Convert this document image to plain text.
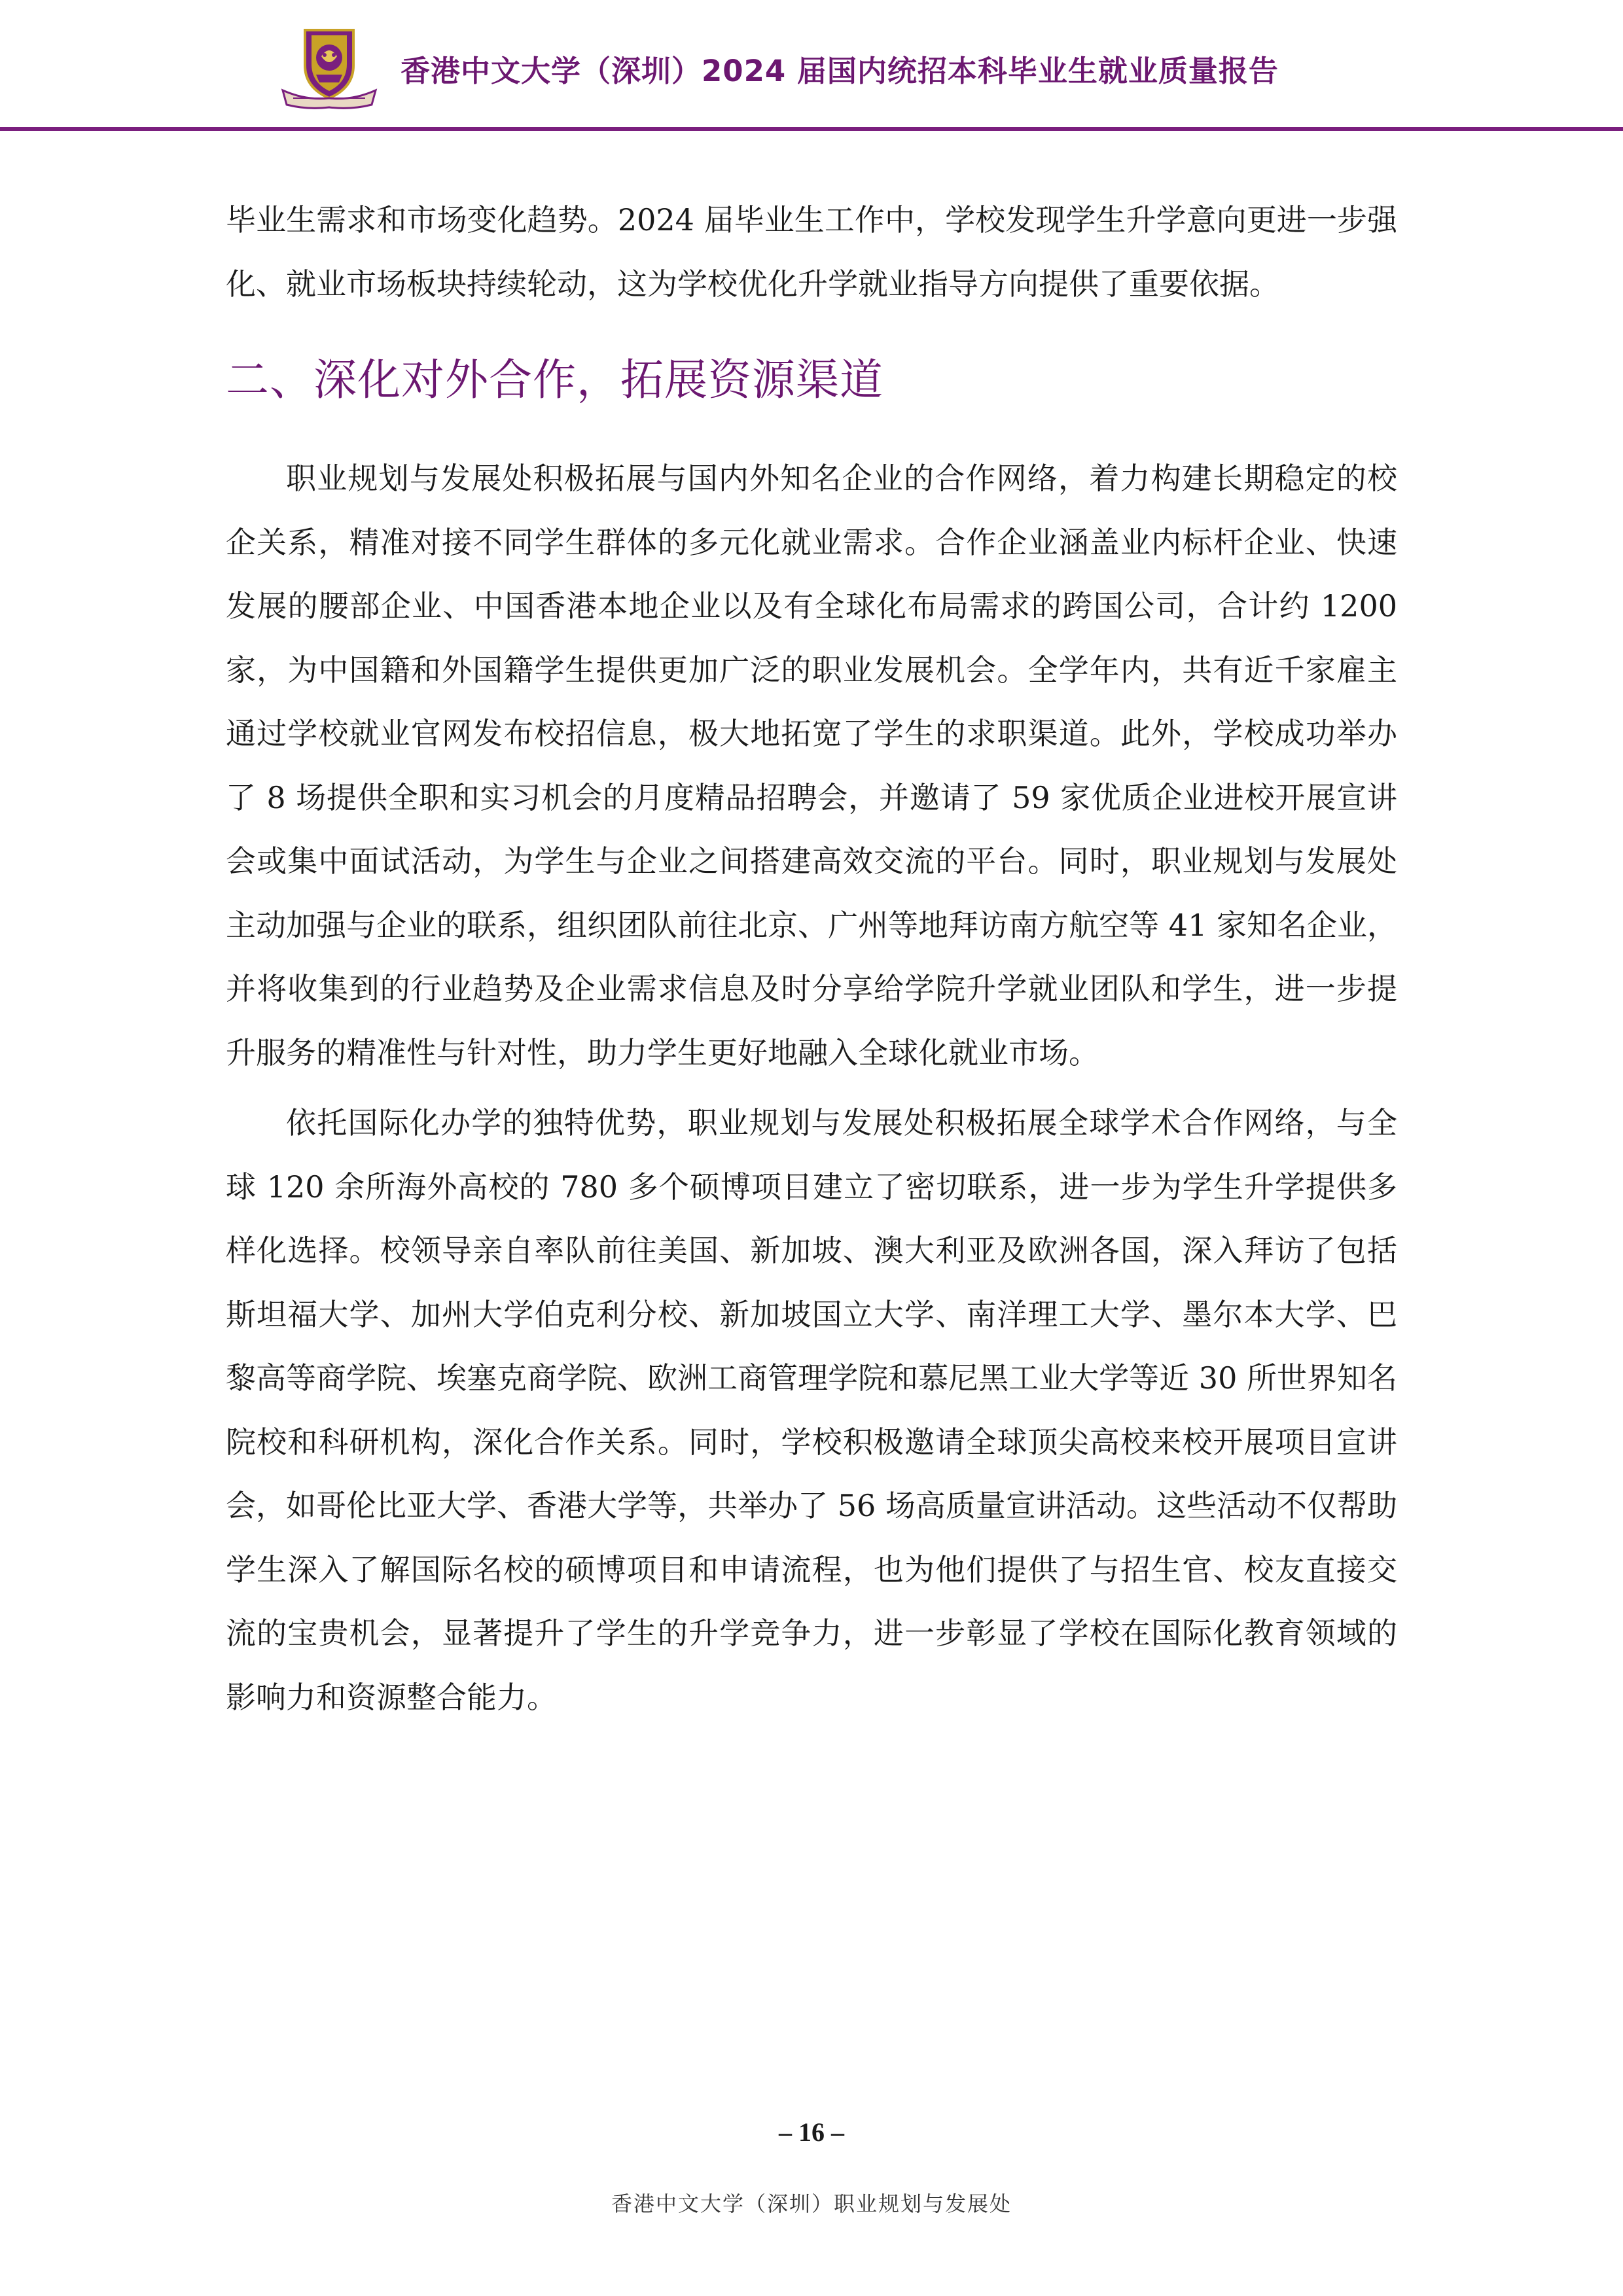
香港中文大学（深圳）2024 届国内统招本科毕业生就业质量报告

毕业生需求和市场变化趋势。2024 届毕业生工作中，学校发现学生升学意向更进一步强化、就业市场板块持续轮动，这为学校优化升学就业指导方向提供了重要依据。

二、深化对外合作，拓展资源渠道

职业规划与发展处积极拓展与国内外知名企业的合作网络，着力构建长期稳定的校企关系，精准对接不同学生群体的多元化就业需求。合作企业涵盖业内标杆企业、快速发展的腰部企业、中国香港本地企业以及有全球化布局需求的跨国公司，合计约 1200 家，为中国籍和外国籍学生提供更加广泛的职业发展机会。全学年内，共有近千家雇主通过学校就业官网发布校招信息，极大地拓宽了学生的求职渠道。此外，学校成功举办了 8 场提供全职和实习机会的月度精品招聘会，并邀请了 59 家优质企业进校开展宣讲会或集中面试活动，为学生与企业之间搭建高效交流的平台。同时，职业规划与发展处主动加强与企业的联系，组织团队前往北京、广州等地拜访南方航空等 41 家知名企业，并将收集到的行业趋势及企业需求信息及时分享给学院升学就业团队和学生，进一步提升服务的精准性与针对性，助力学生更好地融入全球化就业市场。

依托国际化办学的独特优势，职业规划与发展处积极拓展全球学术合作网络，与全球 120 余所海外高校的 780 多个硕博项目建立了密切联系，进一步为学生升学提供多样化选择。校领导亲自率队前往美国、新加坡、澳大利亚及欧洲各国，深入拜访了包括斯坦福大学、加州大学伯克利分校、新加坡国立大学、南洋理工大学、墨尔本大学、巴黎高等商学院、埃塞克商学院、欧洲工商管理学院和慕尼黑工业大学等近 30 所世界知名院校和科研机构，深化合作关系。同时，学校积极邀请全球顶尖高校来校开展项目宣讲会，如哥伦比亚大学、香港大学等，共举办了 56 场高质量宣讲活动。这些活动不仅帮助学生深入了解国际名校的硕博项目和申请流程，也为他们提供了与招生官、校友直接交流的宝贵机会，显著提升了学生的升学竞争力，进一步彰显了学校在国际化教育领域的影响力和资源整合能力。

– 16 –
香港中文大学（深圳）职业规划与发展处
